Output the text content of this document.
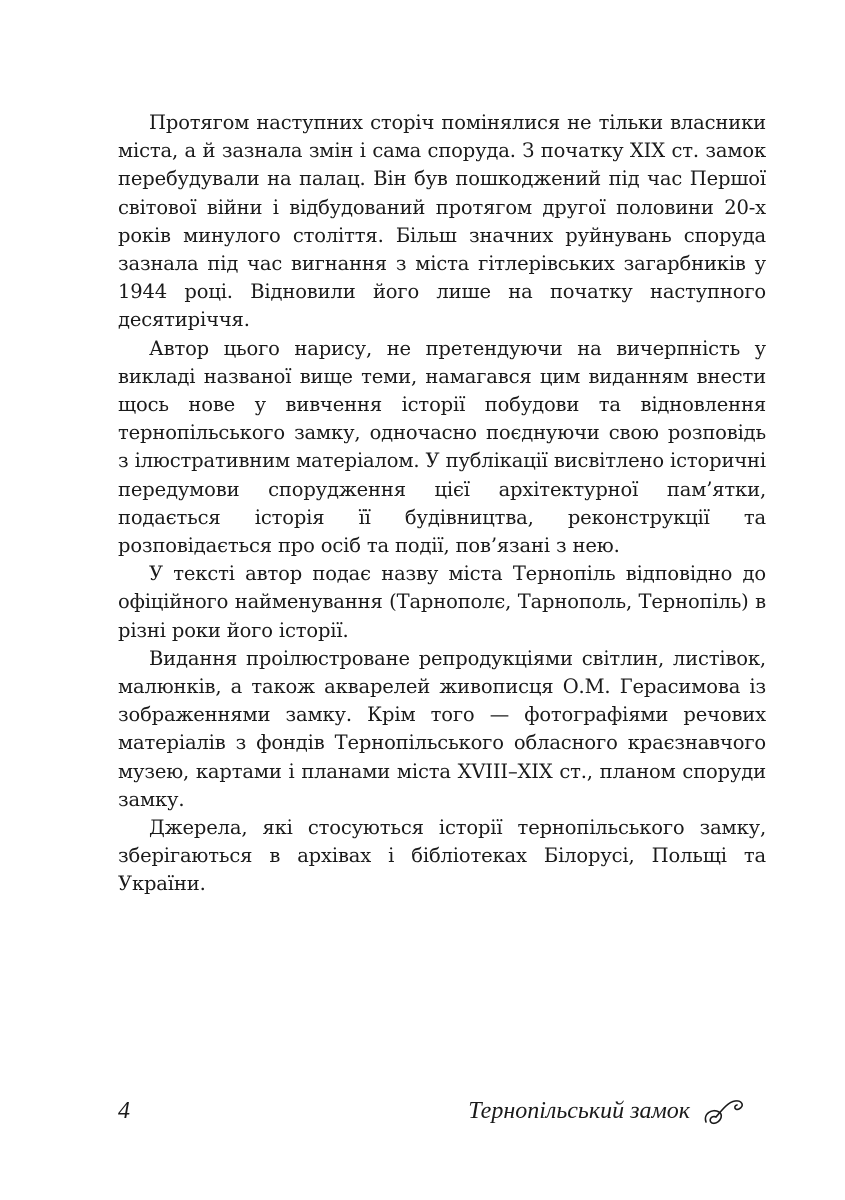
Протягом наступних сторіч помінялися не тільки власники міста, а й зазнала змін і сама споруда. З початку ХІХ ст. замок перебудували на палац. Він був пошкоджений під час Першої світової війни і відбудований протягом другої половини 20-х років минулого століття. Більш значних руйнувань споруда зазнала під час вигнання з міста гітлерівських загарбників у 1944 році. Відновили його лише на початку наступного десятиріччя.

Автор цього нарису, не претендуючи на вичерпність у викладі названої вище теми, намагався цим виданням внести щось нове у вивчення історії побудови та відновлення тернопільського замку, одночасно поєднуючи свою розповідь з ілюстративним матеріалом. У публікації висвітлено історичні передумови спорудження цієї архітектурної пам’ятки, подається історія її будівництва, реконструкції та розповідається про осіб та події, пов’язані з нею.

У тексті автор подає назву міста Тернопіль відповідно до офіційного найменування (Тарнополє, Тарнополь, Тернопіль) в різні роки його історії.

Видання проілюстроване репродукціями світлин, листівок, малюнків, а також акварелей живописця О.М. Герасимова із зображеннями замку. Крім того — фотографіями речових матеріалів з фондів Тернопільського обласного краєзнавчого музею, картами і планами міста XVIII–XIX ст., планом споруди замку.

Джерела, які стосуються історії тернопільського замку, зберігаються в архівах і бібліотеках Білорусі, Польщі та України.

4	Тернопільський замок
